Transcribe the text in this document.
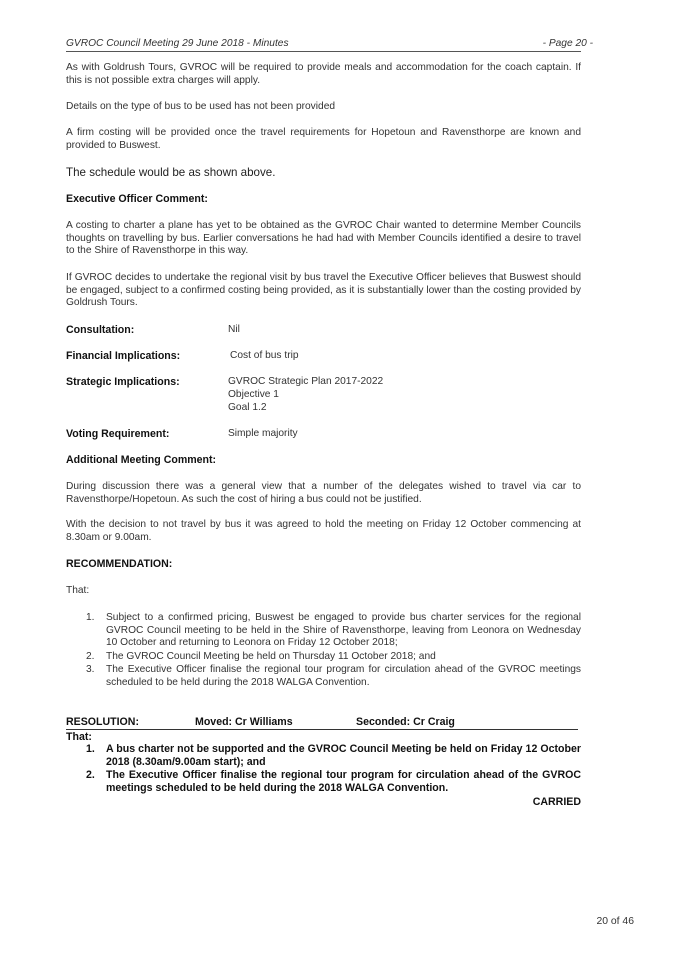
GVROC Council Meeting 29 June 2018 - Minutes	- Page 20 -

As with Goldrush Tours, GVROC will be required to provide meals and accommodation for the coach captain. If this is not possible extra charges will apply.

Details on the type of bus to be used has not been provided

A firm costing will be provided once the travel requirements for Hopetoun and Ravensthorpe are known and provided to Buswest.

The schedule would be as shown above.

Executive Officer Comment:

A costing to charter a plane has yet to be obtained as the GVROC Chair wanted to determine Member Councils thoughts on travelling by bus. Earlier conversations he had had with Member Councils identified a desire to travel to the Shire of Ravensthorpe in this way.

If GVROC decides to undertake the regional visit by bus travel the Executive Officer believes that Buswest should be engaged, subject to a confirmed costing being provided, as it is substantially lower than the costing provided by Goldrush Tours.

Consultation:	Nil
Financial Implications:	Cost of bus trip
Strategic Implications:	GVROC Strategic Plan 2017-2022
Objective 1
Goal 1.2
Voting Requirement:	Simple majority
Additional Meeting Comment:

During discussion there was a general view that a number of the delegates wished to travel via car to Ravensthorpe/Hopetoun. As such the cost of hiring a bus could not be justified.

With the decision to not travel by bus it was agreed to hold the meeting on Friday 12 October commencing at 8.30am or 9.00am.

RECOMMENDATION:
That:
1.	Subject to a confirmed pricing, Buswest be engaged to provide bus charter services for the regional GVROC Council meeting to be held in the Shire of Ravensthorpe, leaving from Leonora on Wednesday 10 October and returning to Leonora on Friday 12 October 2018;
2.	The GVROC Council Meeting be held on Thursday 11 October 2018; and
3.	The Executive Officer finalise the regional tour program for circulation ahead of the GVROC meetings scheduled to be held during the 2018 WALGA Convention.
RESOLUTION:	Moved: Cr Williams	Seconded: Cr Craig
That:
1.	A bus charter not be supported and the GVROC Council Meeting be held on Friday 12 October 2018 (8.30am/9.00am start); and
2.	The Executive Officer finalise the regional tour program for circulation ahead of the GVROC meetings scheduled to be held during the 2018 WALGA Convention.
CARRIED
20 of 46
